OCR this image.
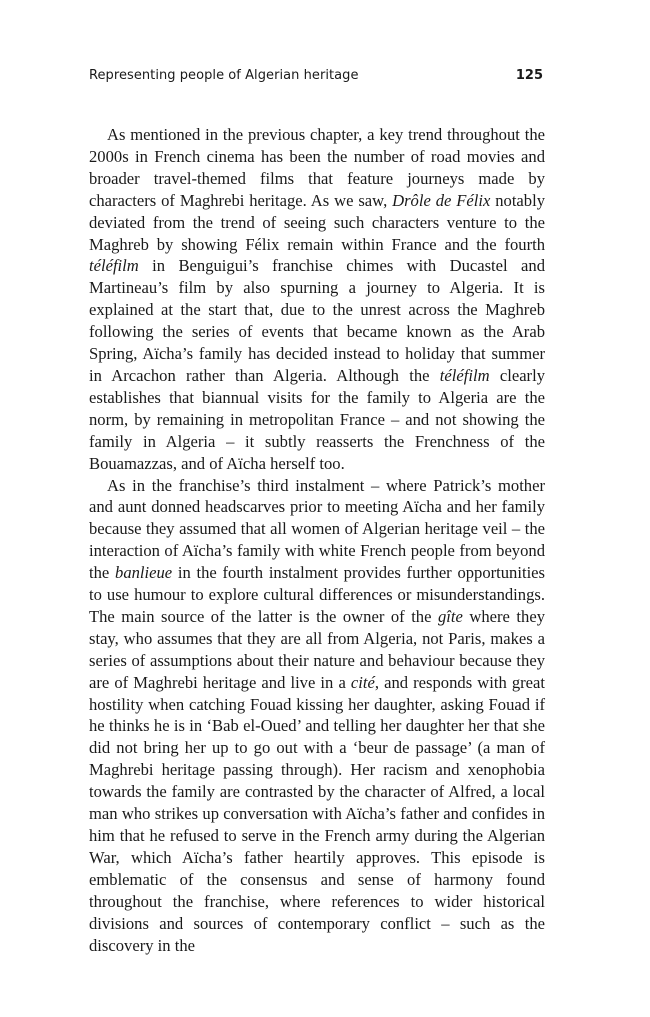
Representing people of Algerian heritage	125

As mentioned in the previous chapter, a key trend throughout the 2000s in French cinema has been the number of road movies and broader travel-themed films that feature journeys made by characters of Maghrebi heritage. As we saw, Drôle de Félix notably deviated from the trend of seeing such characters venture to the Maghreb by showing Félix remain within France and the fourth téléfilm in Benguigui’s franchise chimes with Ducastel and Martineau’s film by also spurning a journey to Algeria. It is explained at the start that, due to the unrest across the Maghreb following the series of events that became known as the Arab Spring, Aïcha’s family has decided instead to holiday that summer in Arcachon rather than Algeria. Although the téléfilm clearly establishes that biannual visits for the family to Algeria are the norm, by remaining in metropolitan France – and not showing the family in Algeria – it subtly reasserts the Frenchness of the Bouamazzas, and of Aïcha herself too.

As in the franchise’s third instalment – where Patrick’s mother and aunt donned headscarves prior to meeting Aïcha and her family because they assumed that all women of Algerian heritage veil – the interaction of Aïcha’s family with white French people from beyond the banlieue in the fourth instalment provides further opportunities to use humour to explore cultural differences or misunderstandings. The main source of the latter is the owner of the gîte where they stay, who assumes that they are all from Algeria, not Paris, makes a series of assumptions about their nature and behaviour because they are of Maghrebi heritage and live in a cité, and responds with great hostility when catching Fouad kissing her daughter, asking Fouad if he thinks he is in ‘Bab el-Oued’ and telling her daughter her that she did not bring her up to go out with a ‘beur de passage’ (a man of Maghrebi heritage passing through). Her racism and xenophobia towards the family are contrasted by the character of Alfred, a local man who strikes up conversation with Aïcha’s father and confides in him that he refused to serve in the French army during the Algerian War, which Aïcha’s father heartily approves. This episode is emblematic of the consensus and sense of harmony found throughout the franchise, where references to wider historical divisions and sources of contemporary conflict – such as the discovery in the
